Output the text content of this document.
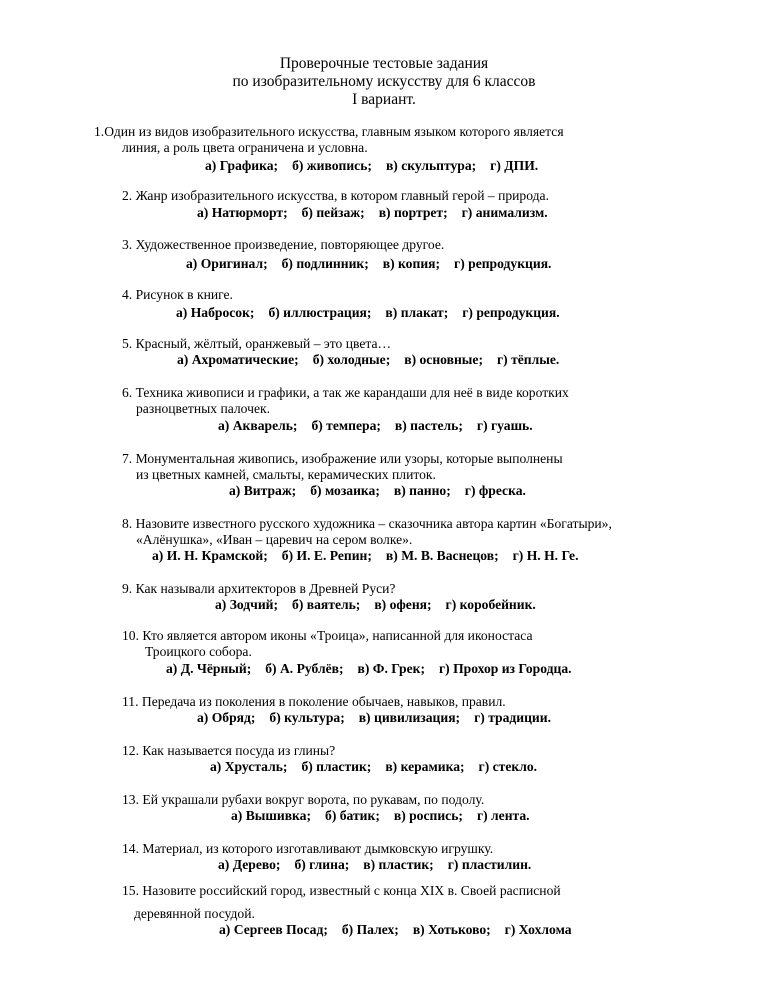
Проверочные тестовые задания
по изобразительному искусству для 6 классов
I вариант.
1.Один из видов изобразительного искусства, главным языком которого является
линия, а роль цвета ограничена и условна.
а) Графика; б) живопись; в) скульптура; г) ДПИ.
2. Жанр изобразительного искусства, в котором главный герой – природа.
а) Натюрморт; б) пейзаж; в) портрет; г) анимализм.
3. Художественное произведение, повторяющее другое.
а) Оригинал; б) подлинник; в) копия; г) репродукция.
4. Рисунок в книге.
а) Набросок; б) иллюстрация; в) плакат; г) репродукция.
5. Красный, жёлтый, оранжевый – это цвета…
а) Ахроматические; б) холодные; в) основные; г) тёплые.
6. Техника живописи и графики, а так же карандаши для неё в виде коротких
разноцветных палочек.
а) Акварель; б) темпера; в) пастель; г) гуашь.
7. Монументальная живопись, изображение или узоры, которые выполнены
из цветных камней, смальты, керамических плиток.
а) Витраж; б) мозаика; в) панно; г) фреска.
8. Назовите известного русского художника – сказочника автора картин «Богатыри»,
«Алёнушка», «Иван – царевич на сером волке».
а) И. Н. Крамской; б) И. Е. Репин; в) М. В. Васнецов; г) Н. Н. Ге.
9. Как называли архитекторов в Древней Руси?
а) Зодчий; б) ваятель; в) офеня; г) коробейник.
10. Кто является автором иконы «Троица», написанной для иконостаса
Троицкого собора.
а) Д. Чёрный; б) А. Рублёв; в) Ф. Грек; г) Прохор из Городца.
11. Передача из поколения в поколение обычаев, навыков, правил.
а) Обряд; б) культура; в) цивилизация; г) традиции.
12. Как называется посуда из глины?
а) Хрусталь; б) пластик; в) керамика; г) стекло.
13. Ей украшали рубахи вокруг ворота, по рукавам, по подолу.
а) Вышивка; б) батик; в) роспись; г) лента.
14. Материал, из которого изготавливают дымковскую игрушку.
а) Дерево; б) глина; в) пластик; г) пластилин.
15. Назовите российский город, известный с конца XIX в. Своей расписной
деревянной посудой.
а) Сергеев Посад; б) Палех; в) Хотьково; г) Хохлома
